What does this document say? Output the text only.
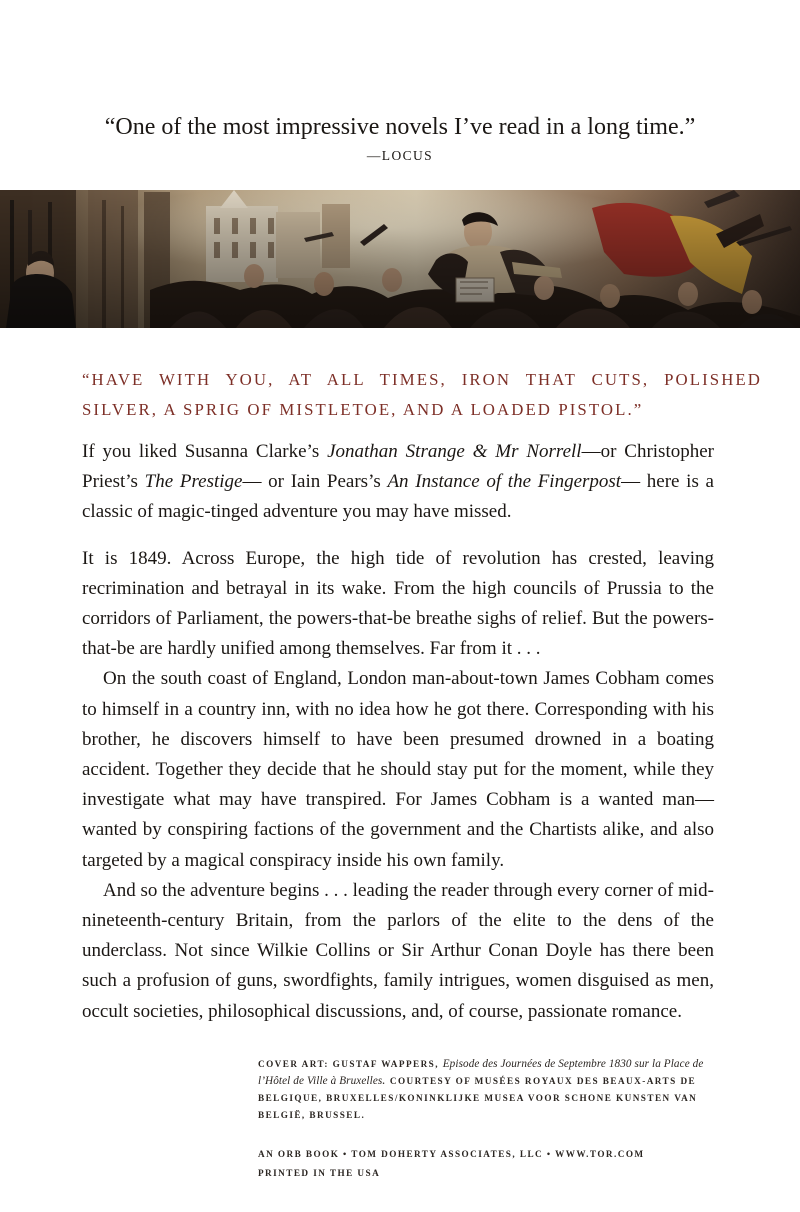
“One of the most impressive novels I’ve read in a long time.”
—LOCUS
“HAVE WITH YOU, AT ALL TIMES, IRON THAT CUTS, POLISHED SILVER, A SPRIG OF MISTLETOE, AND A LOADED PISTOL.”

If you liked Susanna Clarke’s Jonathan Strange & Mr Norrell—or Christopher Priest’s The Prestige— or Iain Pears’s An Instance of the Fingerpost— here is a classic of magic-tinged adventure you may have missed.

It is 1849. Across Europe, the high tide of revolution has crested, leaving recrimination and betrayal in its wake. From the high councils of Prussia to the corridors of Parliament, the powers-that-be breathe sighs of relief. But the powers-that-be are hardly unified among themselves. Far from it . . .

On the south coast of England, London man-about-town James Cobham comes to himself in a country inn, with no idea how he got there. Corresponding with his brother, he discovers himself to have been presumed drowned in a boating accident. Together they decide that he should stay put for the moment, while they investigate what may have transpired. For James Cobham is a wanted man—wanted by conspiring factions of the government and the Chartists alike, and also targeted by a magical conspiracy inside his own family.

And so the adventure begins . . . leading the reader through every corner of mid-nineteenth-century Britain, from the parlors of the elite to the dens of the underclass. Not since Wilkie Collins or Sir Arthur Conan Doyle has there been such a profusion of guns, swordfights, family intrigues, women disguised as men, occult societies, philosophical discussions, and, of course, passionate romance.

COVER ART: GUSTAF WAPPERS, Episode des Journées de Septembre 1830 sur la Place de l’Hôtel de Ville à Bruxelles. COURTESY OF MUSÉES ROYAUX DES BEAUX-ARTS DE BELGIQUE, BRUXELLES/KONINKLIJKE MUSEA VOOR SCHONE KUNSTEN VAN BELGIË, BRUSSEL.
AN ORB BOOK • TOM DOHERTY ASSOCIATES, LLC • WWW.TOR.COM
PRINTED IN THE USA
